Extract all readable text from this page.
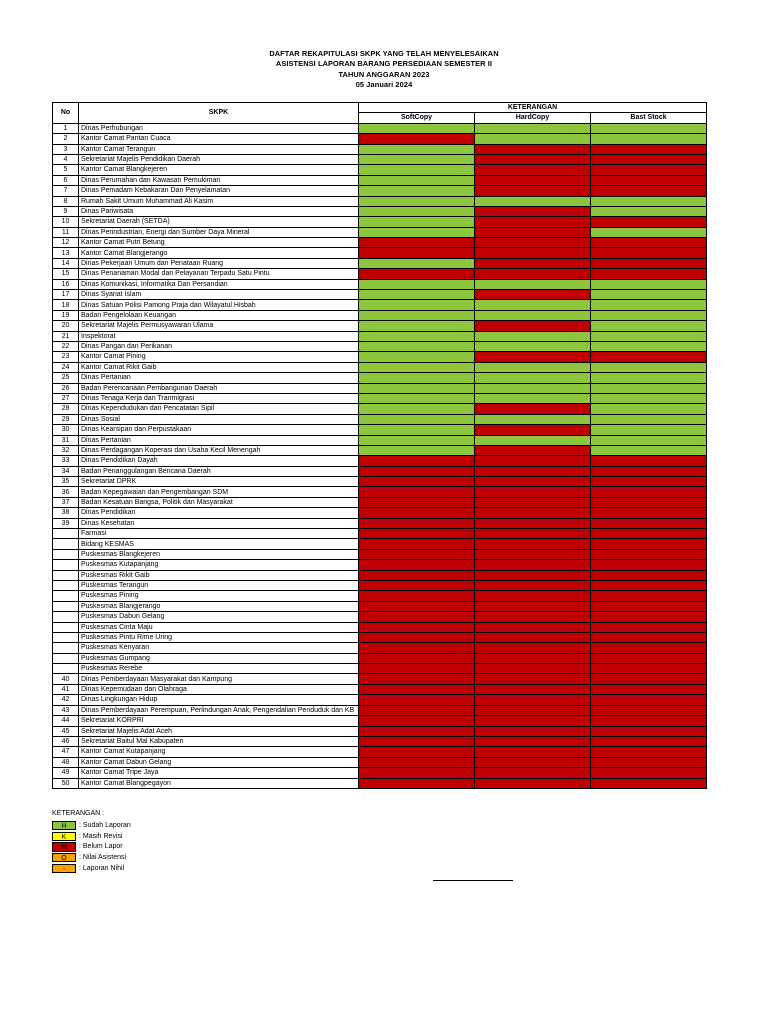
DAFTAR REKAPITULASI SKPK YANG TELAH MENYELESAIKAN
ASISTENSI LAPORAN BARANG PERSEDIAAN SEMESTER II
TAHUN ANGGARAN 2023
05 Januari 2024
No	SKPK	KETERANGAN		
		SoftCopy	HardCopy	Bast Stock
1	Dinas Perhubungan			
2	Kantor Camat Pantan Cuaca			
3	Kantor Camat Terangun			
4	Sekretariat Majelis Pendidikan Daerah			
5	Kantor Camat Blangkejeren			
6	Dinas Perumahan dan Kawasan Pemukiman			
7	Dinas Pemadam Kebakaran Dan Penyelamatan			
8	Rumah Sakit Umum Muhammad Ali Kasim			
9	Dinas Pariwisata			
10	Sekretariat Daerah (SETDA)			
11	Dinas Perindustrian, Energi dan Sumber Daya Mineral			
12	Kantor Camat Putri Betung			
13	Kantor Camat Blangjerango			
14	Dinas Pekerjaan Umum dan Penataan Ruang			
15	Dinas Penanaman Modal dan Pelayanan Terpadu Satu Pintu			
16	Dinas Komunikasi, Informatika Dan Persandian			
17	Dinas Syariat Islam			
18	Dinas Satuan Polisi Pamong Praja dan Wilayatul Hisbah			
19	Badan Pengelolaan Keuangan			
20	Sekretariat Majelis Permusyawaran Ulama			
21	Inspektorat			
22	Dinas Pangan dan Perikanan			
23	Kantor Camat Pining			
24	Kantor Camat Rikit Gaib			
25	Dinas Pertanian			
26	Badan Perencanaan Pembangunan Daerah			
27	Dinas Tenaga Kerja dan Tranmigrasi			
28	Dinas Kependudukan dan Pencatatan Sipil			
29	Dinas Sosial			
30	Dinas Kearsipan dan Perpustakaan			
31	Dinas Pertanian			
32	Dinas Perdagangan Koperasi dan Usaha Kecil Menengah			
33	Dinas Pendidikan Dayah			
34	Badan Penanggulangan Bencana Daerah			
35	Sekretariat DPRK			
36	Badan Kepegawaian dan Pengembangan SDM			
37	Badan Kesatuan Bangsa, Politik dan Masyarakat			
38	Dinas Pendidikan			
39	Dinas Kesehatan			
	Farmasi			
	Bidang KESMAS			
	Puskesmas Blangkejeren			
	Puskesmas Kutapanjang			
	Puskesmas Rikit Gaib			
	Puskesmas Terangun			
	Puskesmas Pining			
	Puskesmas Blangjerango			
	Puskesmas Dabun Gelang			
	Puskesmas Cinta Maju			
	Puskesmas Pintu Rime Uring			
	Puskesmas Kenyaran			
	Puskesmas Gumpang			
	Puskesmas Rerebe			
40	Dinas Pemberdayaan Masyarakat dan Kampung			
41	Dinas Kepemudaan dan Olahraga			
42	Dinas Lingkungan Hidup			
43	Dinas Pemberdayaan Perempuan, Perlindungan Anak, Pengendalian Penduduk dan KB			
44	Sekretariat KORPRI			
45	Sekretariat Majelis Adat Aceh			
46	Sekretariat Baitul Mal Kabupaten			
47	Kantor Camat Kutapanjang			
48	Kantor Camat Dabun Gelang			
49	Kantor Camat Tripe Jaya			
50	Kantor Camat Blangpegayon			
KETERANGAN :
H	: Sudah Laporan
K	: Masih Revisi
M	: Belum Lapor
O	: Nilai Asistensi
-	: Laporan Nihil
